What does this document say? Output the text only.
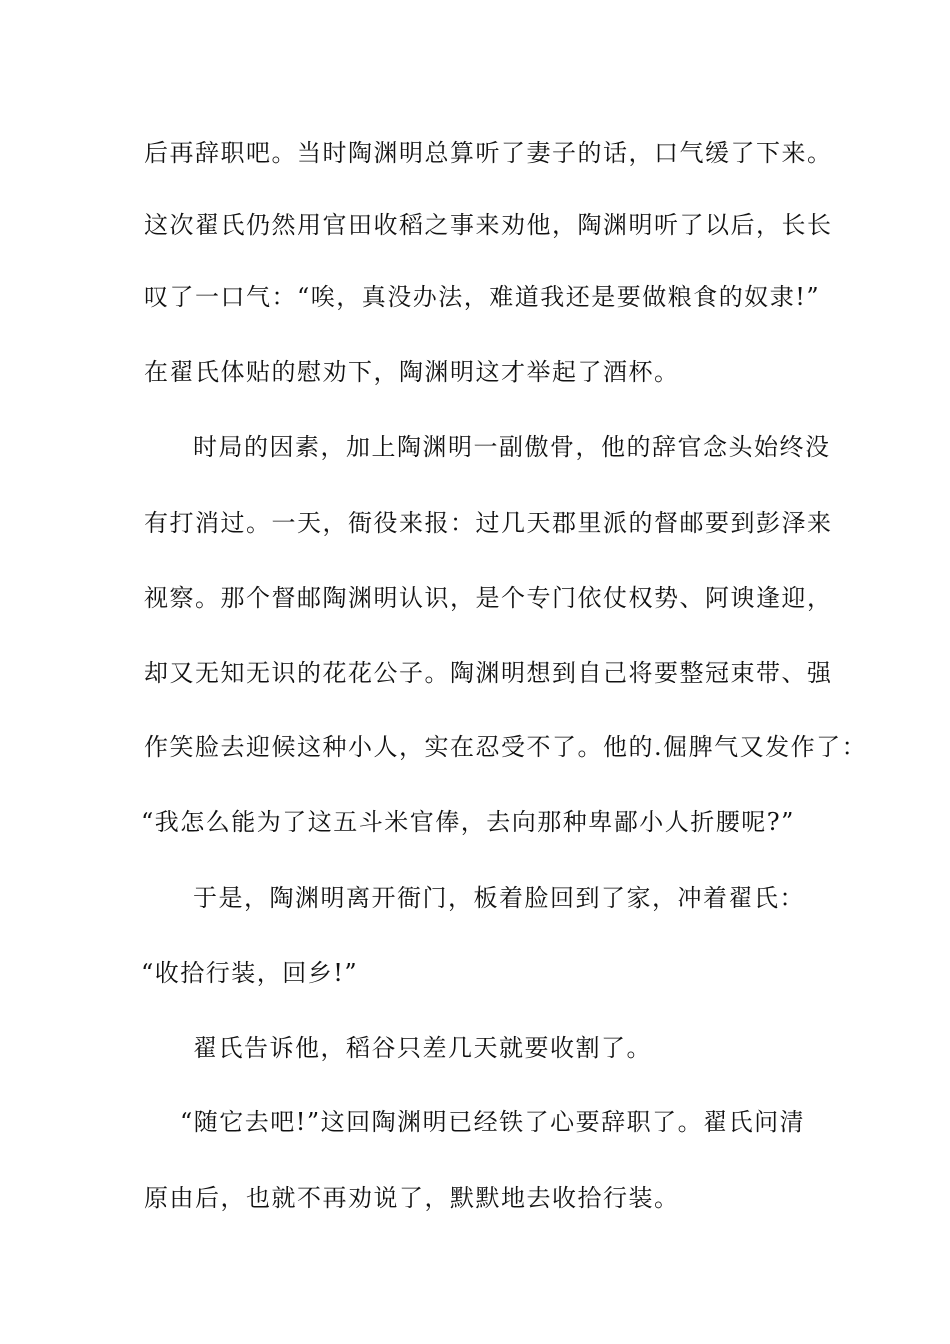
后再辞职吧。当时陶渊明总算听了妻子的话，口气缓了下来。
这次翟氏仍然用官田收稻之事来劝他，陶渊明听了以后，长长
叹了一口气：“唉，真没办法，难道我还是要做粮食的奴隶!”
在翟氏体贴的慰劝下，陶渊明这才举起了酒杯。
时局的因素，加上陶渊明一副傲骨，他的辞官念头始终没
有打消过。一天，衙役来报：过几天郡里派的督邮要到彭泽来
视察。那个督邮陶渊明认识，是个专门依仗权势、阿谀逢迎，
却又无知无识的花花公子。陶渊明想到自己将要整冠束带、强
作笑脸去迎候这种小人，实在忍受不了。他的.倔脾气又发作了：
“我怎么能为了这五斗米官俸，去向那种卑鄙小人折腰呢?”
于是，陶渊明离开衙门，板着脸回到了家，冲着翟氏：
“收拾行装，回乡!”
翟氏告诉他，稻谷只差几天就要收割了。
“随它去吧!”这回陶渊明已经铁了心要辞职了。翟氏问清
原由后，也就不再劝说了，默默地去收拾行装。
